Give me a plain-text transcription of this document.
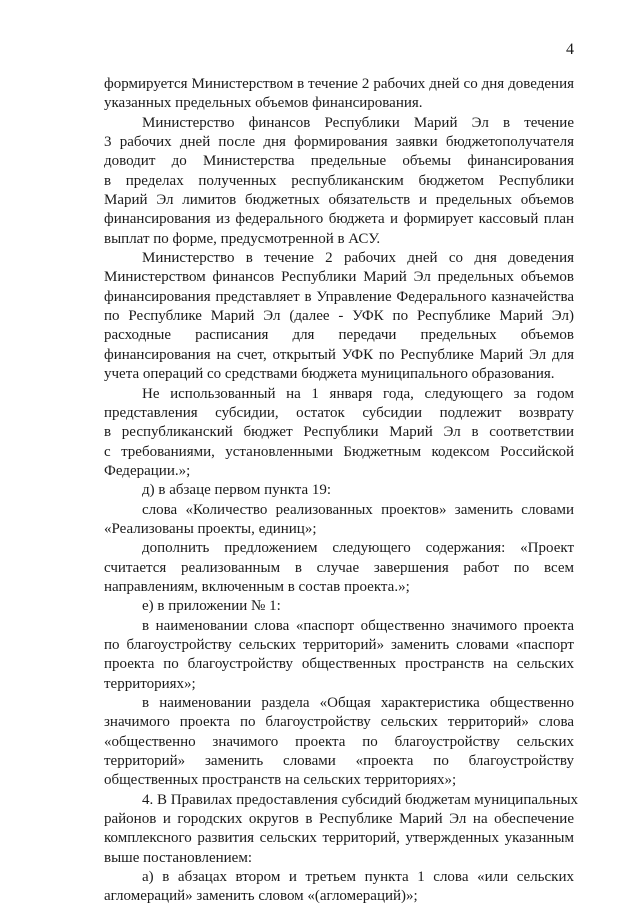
4
формируется Министерством в течение 2 рабочих дней со дня доведения
указанных предельных объемов финансирования.
Министерство финансов Республики Марий Эл в течение
3 рабочих дней после дня формирования заявки бюджетополучателя
доводит до Министерства предельные объемы финансирования
в пределах полученных республиканским бюджетом Республики
Марий Эл лимитов бюджетных обязательств и предельных объемов
финансирования из федерального бюджета и формирует кассовый план
выплат по форме, предусмотренной в АСУ.
Министерство в течение 2 рабочих дней со дня доведения
Министерством финансов Республики Марий Эл предельных объемов
финансирования представляет в Управление Федерального казначейства
по Республике Марий Эл (далее - УФК по Республике Марий Эл)
расходные расписания для передачи предельных объемов
финансирования на счет, открытый УФК по Республике Марий Эл для
учета операций со средствами бюджета муниципального образования.
Не использованный на 1 января года, следующего за годом
представления субсидии, остаток субсидии подлежит возврату
в республиканский бюджет Республики Марий Эл в соответствии
с требованиями, установленными Бюджетным кодексом Российской
Федерации.»;
д) в абзаце первом пункта 19:
слова «Количество реализованных проектов» заменить словами
«Реализованы проекты, единиц»;
дополнить предложением следующего содержания: «Проект
считается реализованным в случае завершения работ по всем
направлениям, включенным в состав проекта.»;
е) в приложении № 1:
в наименовании слова «паспорт общественно значимого проекта
по благоустройству сельских территорий» заменить словами «паспорт
проекта по благоустройству общественных пространств на сельских
территориях»;
в наименовании раздела «Общая характеристика общественно
значимого проекта по благоустройству сельских территорий» слова
«общественно значимого проекта по благоустройству сельских
территорий» заменить словами «проекта по благоустройству
общественных пространств на сельских территориях»;
4. В Правилах предоставления субсидий бюджетам муниципальных
районов и городских округов в Республике Марий Эл на обеспечение
комплексного развития сельских территорий, утвержденных указанным
выше постановлением:
а) в абзацах втором и третьем пункта 1 слова «или сельских
агломераций» заменить словом «(агломераций)»;
